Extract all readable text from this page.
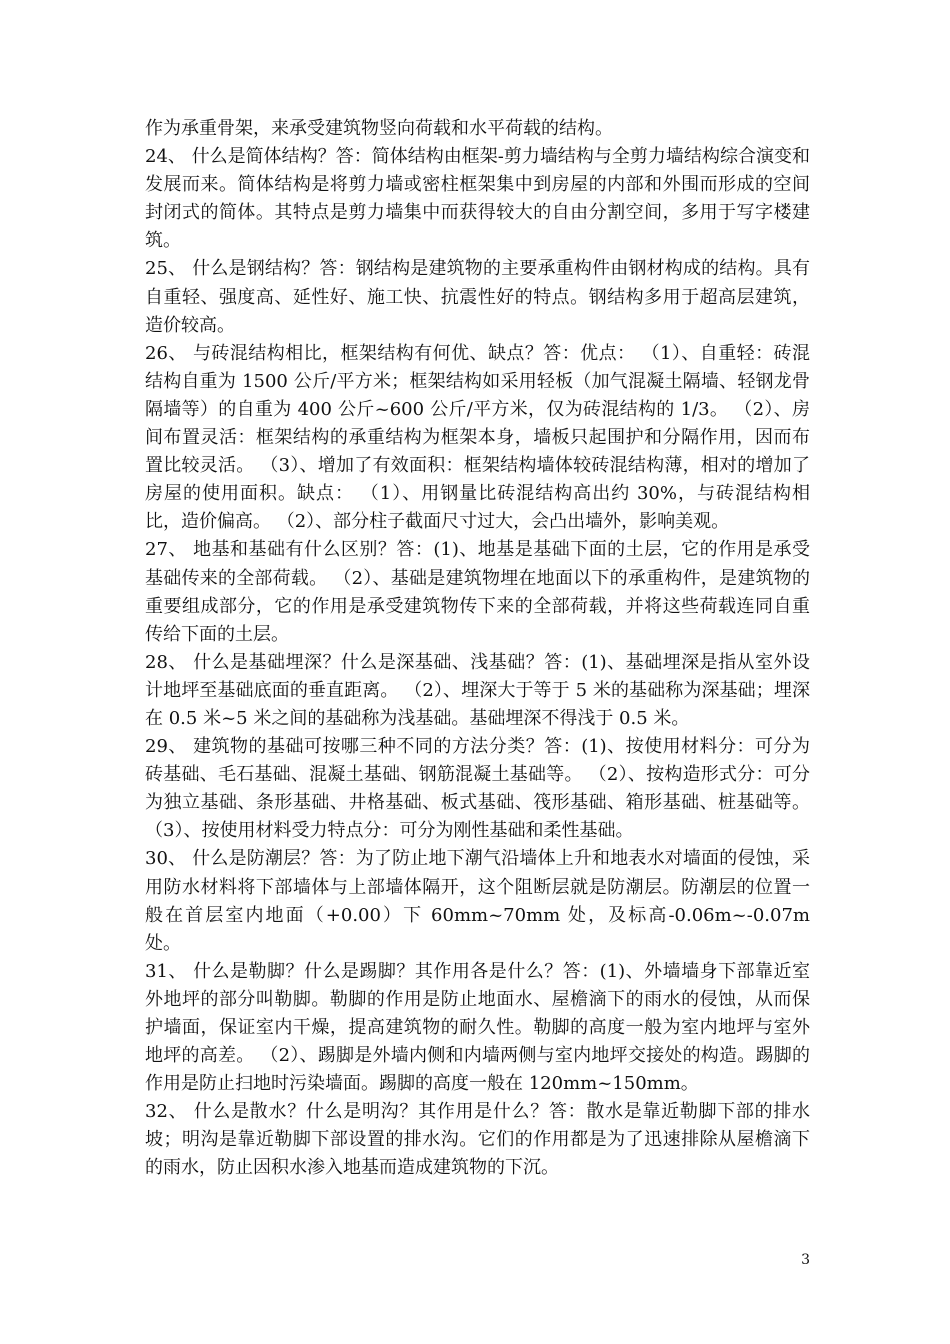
作为承重骨架，来承受建筑物竖向荷载和水平荷载的结构。

24、 什么是简体结构？答：简体结构由框架-剪力墙结构与全剪力墙结构综合演变和发展而来。简体结构是将剪力墙或密柱框架集中到房屋的内部和外围而形成的空间封闭式的简体。其特点是剪力墙集中而获得较大的自由分割空间，多用于写字楼建筑。

25、 什么是钢结构？答：钢结构是建筑物的主要承重构件由钢材构成的结构。具有自重轻、强度高、延性好、施工快、抗震性好的特点。钢结构多用于超高层建筑，造价较高。

26、 与砖混结构相比，框架结构有何优、缺点？答：优点： （1）、自重轻：砖混结构自重为 1500 公斤/平方米；框架结构如采用轻板（加气混凝土隔墙、轻钢龙骨隔墙等）的自重为 400 公斤~600 公斤/平方米，仅为砖混结构的 1/3。 （2）、房间布置灵活：框架结构的承重结构为框架本身，墙板只起围护和分隔作用，因而布置比较灵活。 （3）、增加了有效面积：框架结构墙体较砖混结构薄，相对的增加了房屋的使用面积。缺点： （1）、用钢量比砖混结构高出约 30%，与砖混结构相比，造价偏高。 （2）、部分柱子截面尺寸过大，会凸出墙外，影响美观。

27、 地基和基础有什么区别？答：(1)、地基是基础下面的土层，它的作用是承受基础传来的全部荷载。 （2）、基础是建筑物埋在地面以下的承重构件，是建筑物的重要组成部分，它的作用是承受建筑物传下来的全部荷载，并将这些荷载连同自重传给下面的土层。

28、 什么是基础埋深？什么是深基础、浅基础？答：(1)、基础埋深是指从室外设计地坪至基础底面的垂直距离。 （2）、埋深大于等于 5 米的基础称为深基础；埋深在 0.5 米~5 米之间的基础称为浅基础。基础埋深不得浅于 0.5 米。

29、 建筑物的基础可按哪三种不同的方法分类？答：(1)、按使用材料分：可分为砖基础、毛石基础、混凝土基础、钢筋混凝土基础等。 （2）、按构造形式分：可分为独立基础、条形基础、井格基础、板式基础、筏形基础、箱形基础、桩基础等。 （3）、按使用材料受力特点分：可分为刚性基础和柔性基础。

30、 什么是防潮层？答：为了防止地下潮气沿墙体上升和地表水对墙面的侵蚀，采用防水材料将下部墙体与上部墙体隔开，这个阻断层就是防潮层。防潮层的位置一般在首层室内地面（+0.00）下 60mm~70mm 处，及标高-0.06m~-0.07m 处。

31、 什么是勒脚？什么是踢脚？其作用各是什么？答：(1)、外墙墙身下部靠近室外地坪的部分叫勒脚。勒脚的作用是防止地面水、屋檐滴下的雨水的侵蚀，从而保护墙面，保证室内干燥，提高建筑物的耐久性。勒脚的高度一般为室内地坪与室外地坪的高差。 （2）、踢脚是外墙内侧和内墙两侧与室内地坪交接处的构造。踢脚的作用是防止扫地时污染墙面。踢脚的高度一般在 120mm~150mm。

32、 什么是散水？什么是明沟？其作用是什么？答：散水是靠近勒脚下部的排水坡；明沟是靠近勒脚下部设置的排水沟。它们的作用都是为了迅速排除从屋檐滴下的雨水，防止因积水渗入地基而造成建筑物的下沉。

3
